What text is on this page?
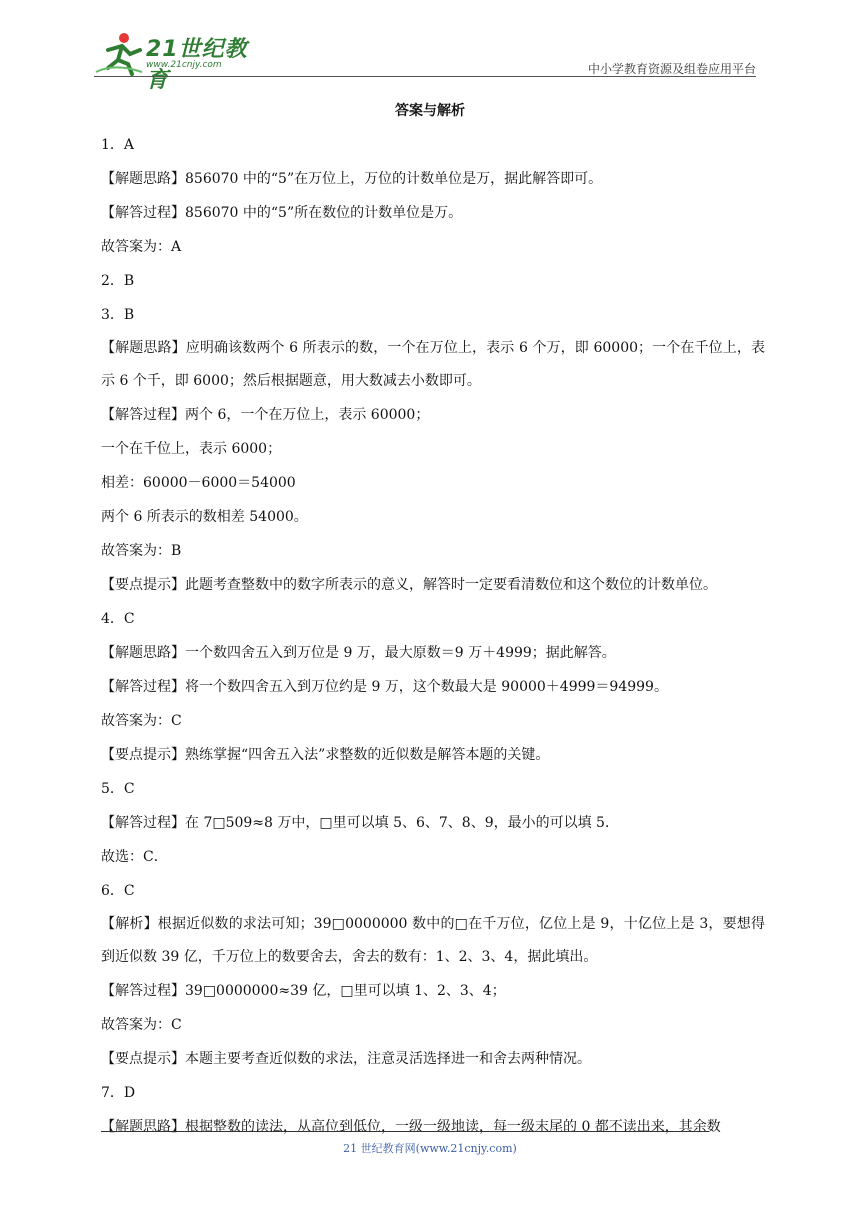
21世纪教育
www.21cnjy.com	中小学教育资源及组卷应用平台
答案与解析
1．A
【解题思路】856070 中的“5”在万位上，万位的计数单位是万，据此解答即可。
【解答过程】856070 中的“5”所在数位的计数单位是万。
故答案为：A
2．B
3．B
【解题思路】应明确该数两个 6 所表示的数，一个在万位上，表示 6 个万，即 60000；一个在千位上，表示 6 个千，即 6000；然后根据题意，用大数减去小数即可。
【解答过程】两个 6，一个在万位上，表示 60000；
一个在千位上，表示 6000；
相差：60000－6000＝54000
两个 6 所表示的数相差 54000。
故答案为：B
【要点提示】此题考查整数中的数字所表示的意义，解答时一定要看清数位和这个数位的计数单位。
4．C
【解题思路】一个数四舍五入到万位是 9 万，最大原数＝9 万＋4999；据此解答。
【解答过程】将一个数四舍五入到万位约是 9 万，这个数最大是 90000＋4999＝94999。
故答案为：C
【要点提示】熟练掌握“四舍五入法”求整数的近似数是解答本题的关键。
5．C
【解答过程】在 7□509≈8 万中，□里可以填 5、6、7、8、9，最小的可以填 5．
故选：C．
6．C
【解析】根据近似数的求法可知；39□0000000 数中的□在千万位，亿位上是 9，十亿位上是 3，要想得到近似数 39 亿，千万位上的数要舍去，舍去的数有：1、2、3、4，据此填出。
【解答过程】39□0000000≈39 亿，□里可以填 1、2、3、4；
故答案为：C
【要点提示】本题主要考查近似数的求法，注意灵活选择进一和舍去两种情况。
7．D
【解题思路】根据整数的读法，从高位到低位，一级一级地读，每一级末尾的 0 都不读出来，其余数
21 世纪教育网(www.21cnjy.com)
